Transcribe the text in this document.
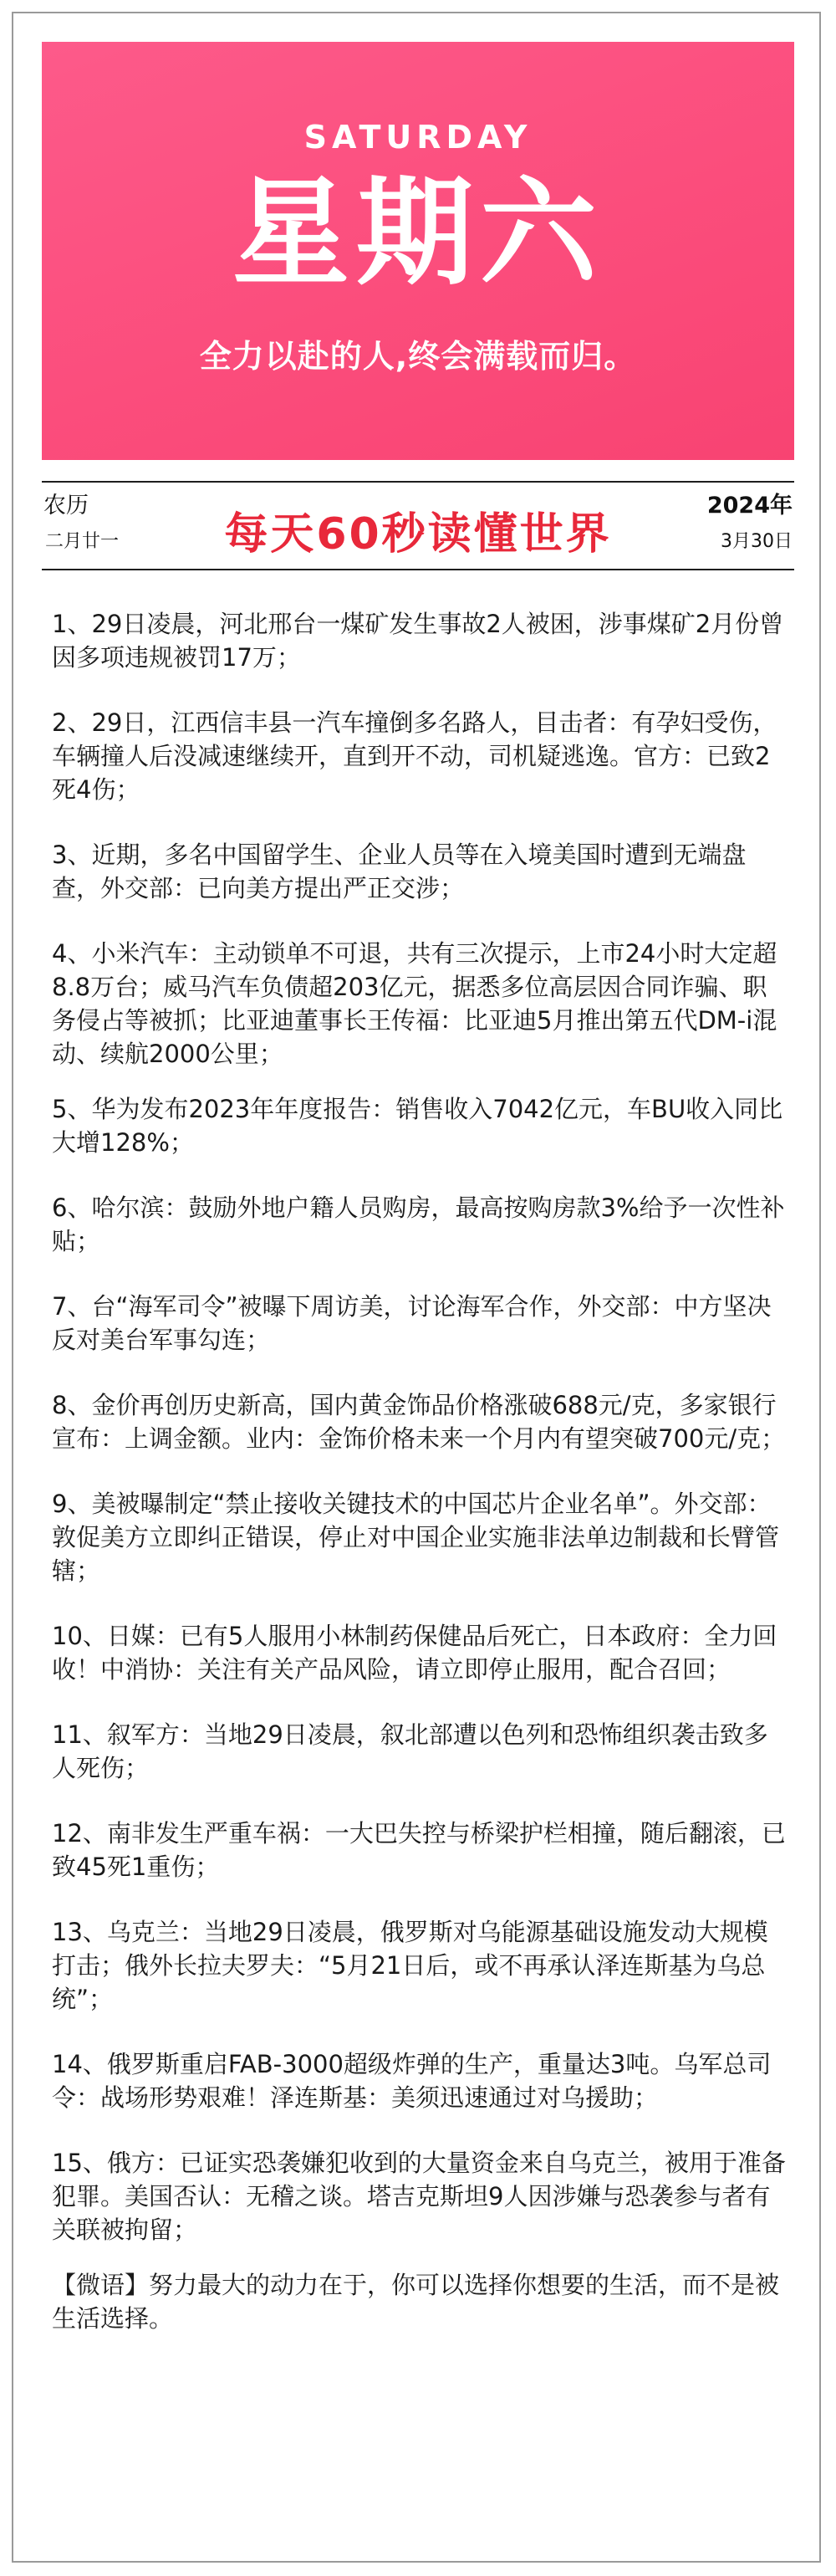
SATURDAY
星期六
全力以赴的人,终会满载而归。
农历
二月廿一	每天60秒读懂世界
2024年
3月30日

1、29日凌晨，河北邢台一煤矿发生事故2人被困，涉事煤矿2月份曾因多项违规被罚17万；

2、29日，江西信丰县一汽车撞倒多名路人，目击者：有孕妇受伤，车辆撞人后没减速继续开，直到开不动，司机疑逃逸。官方：已致2死4伤；

3、近期，多名中国留学生、企业人员等在入境美国时遭到无端盘查，外交部：已向美方提出严正交涉；

4、小米汽车：主动锁单不可退，共有三次提示，上市24小时大定超8.8万台；威马汽车负债超203亿元，据悉多位高层因合同诈骗、职务侵占等被抓；比亚迪董事长王传福：比亚迪5月推出第五代DM-i混动、续航2000公里；

5、华为发布2023年年度报告：销售收入7042亿元，车BU收入同比大增128%；

6、哈尔滨：鼓励外地户籍人员购房，最高按购房款3%给予一次性补贴；

7、台“海军司令”被曝下周访美，讨论海军合作，外交部：中方坚决反对美台军事勾连；

8、金价再创历史新高，国内黄金饰品价格涨破688元/克，多家银行宣布：上调金额。业内：金饰价格未来一个月内有望突破700元/克；

9、美被曝制定“禁止接收关键技术的中国芯片企业名单”。外交部：敦促美方立即纠正错误，停止对中国企业实施非法单边制裁和长臂管辖；

10、日媒：已有5人服用小林制药保健品后死亡，日本政府：全力回收！中消协：关注有关产品风险，请立即停止服用，配合召回；

11、叙军方：当地29日凌晨，叙北部遭以色列和恐怖组织袭击致多人死伤；

12、南非发生严重车祸：一大巴失控与桥梁护栏相撞，随后翻滚，已致45死1重伤；

13、乌克兰：当地29日凌晨，俄罗斯对乌能源基础设施发动大规模打击；俄外长拉夫罗夫：“5月21日后，或不再承认泽连斯基为乌总统”；

14、俄罗斯重启FAB-3000超级炸弹的生产，重量达3吨。乌军总司令：战场形势艰难！泽连斯基：美须迅速通过对乌援助；

15、俄方：已证实恐袭嫌犯收到的大量资金来自乌克兰，被用于准备犯罪。美国否认：无稽之谈。塔吉克斯坦9人因涉嫌与恐袭参与者有关联被拘留；

【微语】努力最大的动力在于，你可以选择你想要的生活，而不是被生活选择。
